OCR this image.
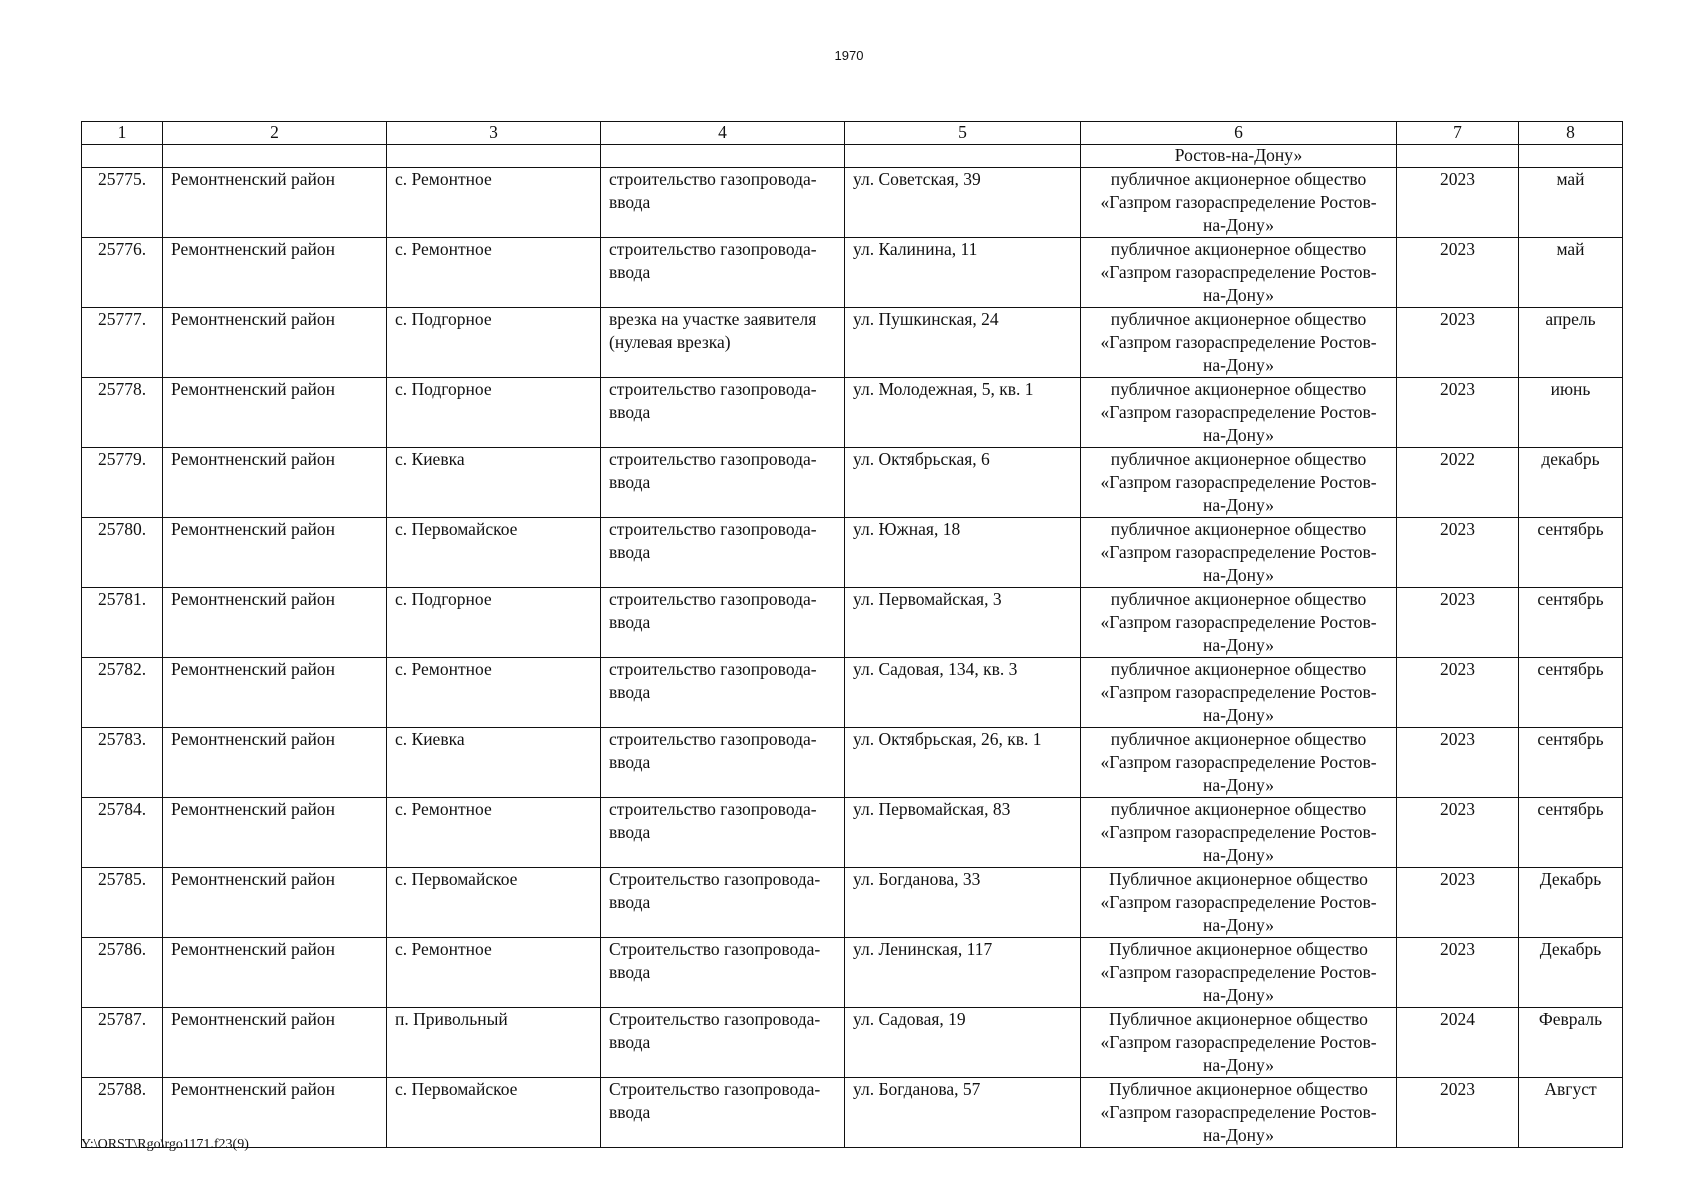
1970
1	2	3	4	5	6	7	8
					Ростов-на-Дону»		
25775.	Ремонтненский район	с. Ремонтное	строительство газопровода-ввода	ул. Советская, 39	публичное акционерное общество «Газпром газораспределение Ростов-на-Дону»	2023	май
25776.	Ремонтненский район	с. Ремонтное	строительство газопровода-ввода	ул. Калинина, 11	публичное акционерное общество «Газпром газораспределение Ростов-на-Дону»	2023	май
25777.	Ремонтненский район	с. Подгорное	врезка на участке заявителя (нулевая врезка)	ул. Пушкинская, 24	публичное акционерное общество «Газпром газораспределение Ростов-на-Дону»	2023	апрель
25778.	Ремонтненский район	с. Подгорное	строительство газопровода-ввода	ул. Молодежная, 5, кв. 1	публичное акционерное общество «Газпром газораспределение Ростов-на-Дону»	2023	июнь
25779.	Ремонтненский район	с. Киевка	строительство газопровода-ввода	ул. Октябрьская, 6	публичное акционерное общество «Газпром газораспределение Ростов-на-Дону»	2022	декабрь
25780.	Ремонтненский район	с. Первомайское	строительство газопровода-ввода	ул. Южная, 18	публичное акционерное общество «Газпром газораспределение Ростов-на-Дону»	2023	сентябрь
25781.	Ремонтненский район	с. Подгорное	строительство газопровода-ввода	ул. Первомайская, 3	публичное акционерное общество «Газпром газораспределение Ростов-на-Дону»	2023	сентябрь
25782.	Ремонтненский район	с. Ремонтное	строительство газопровода-ввода	ул. Садовая, 134, кв. 3	публичное акционерное общество «Газпром газораспределение Ростов-на-Дону»	2023	сентябрь
25783.	Ремонтненский район	с. Киевка	строительство газопровода-ввода	ул. Октябрьская, 26, кв. 1	публичное акционерное общество «Газпром газораспределение Ростов-на-Дону»	2023	сентябрь
25784.	Ремонтненский район	с. Ремонтное	строительство газопровода-ввода	ул. Первомайская, 83	публичное акционерное общество «Газпром газораспределение Ростов-на-Дону»	2023	сентябрь
25785.	Ремонтненский район	с. Первомайское	Строительство газопровода-ввода	ул. Богданова, 33	Публичное акционерное общество «Газпром газораспределение Ростов-на-Дону»	2023	Декабрь
25786.	Ремонтненский район	с. Ремонтное	Строительство газопровода-ввода	ул. Ленинская, 117	Публичное акционерное общество «Газпром газораспределение Ростов-на-Дону»	2023	Декабрь
25787.	Ремонтненский район	п. Привольный	Строительство газопровода-ввода	ул. Садовая, 19	Публичное акционерное общество «Газпром газораспределение Ростов-на-Дону»	2024	Февраль
25788.	Ремонтненский район	с. Первомайское	Строительство газопровода-ввода	ул. Богданова, 57	Публичное акционерное общество «Газпром газораспределение Ростов-на-Дону»	2023	Август
Y:\ORST\Rgo\rgo1171.f23(9)
